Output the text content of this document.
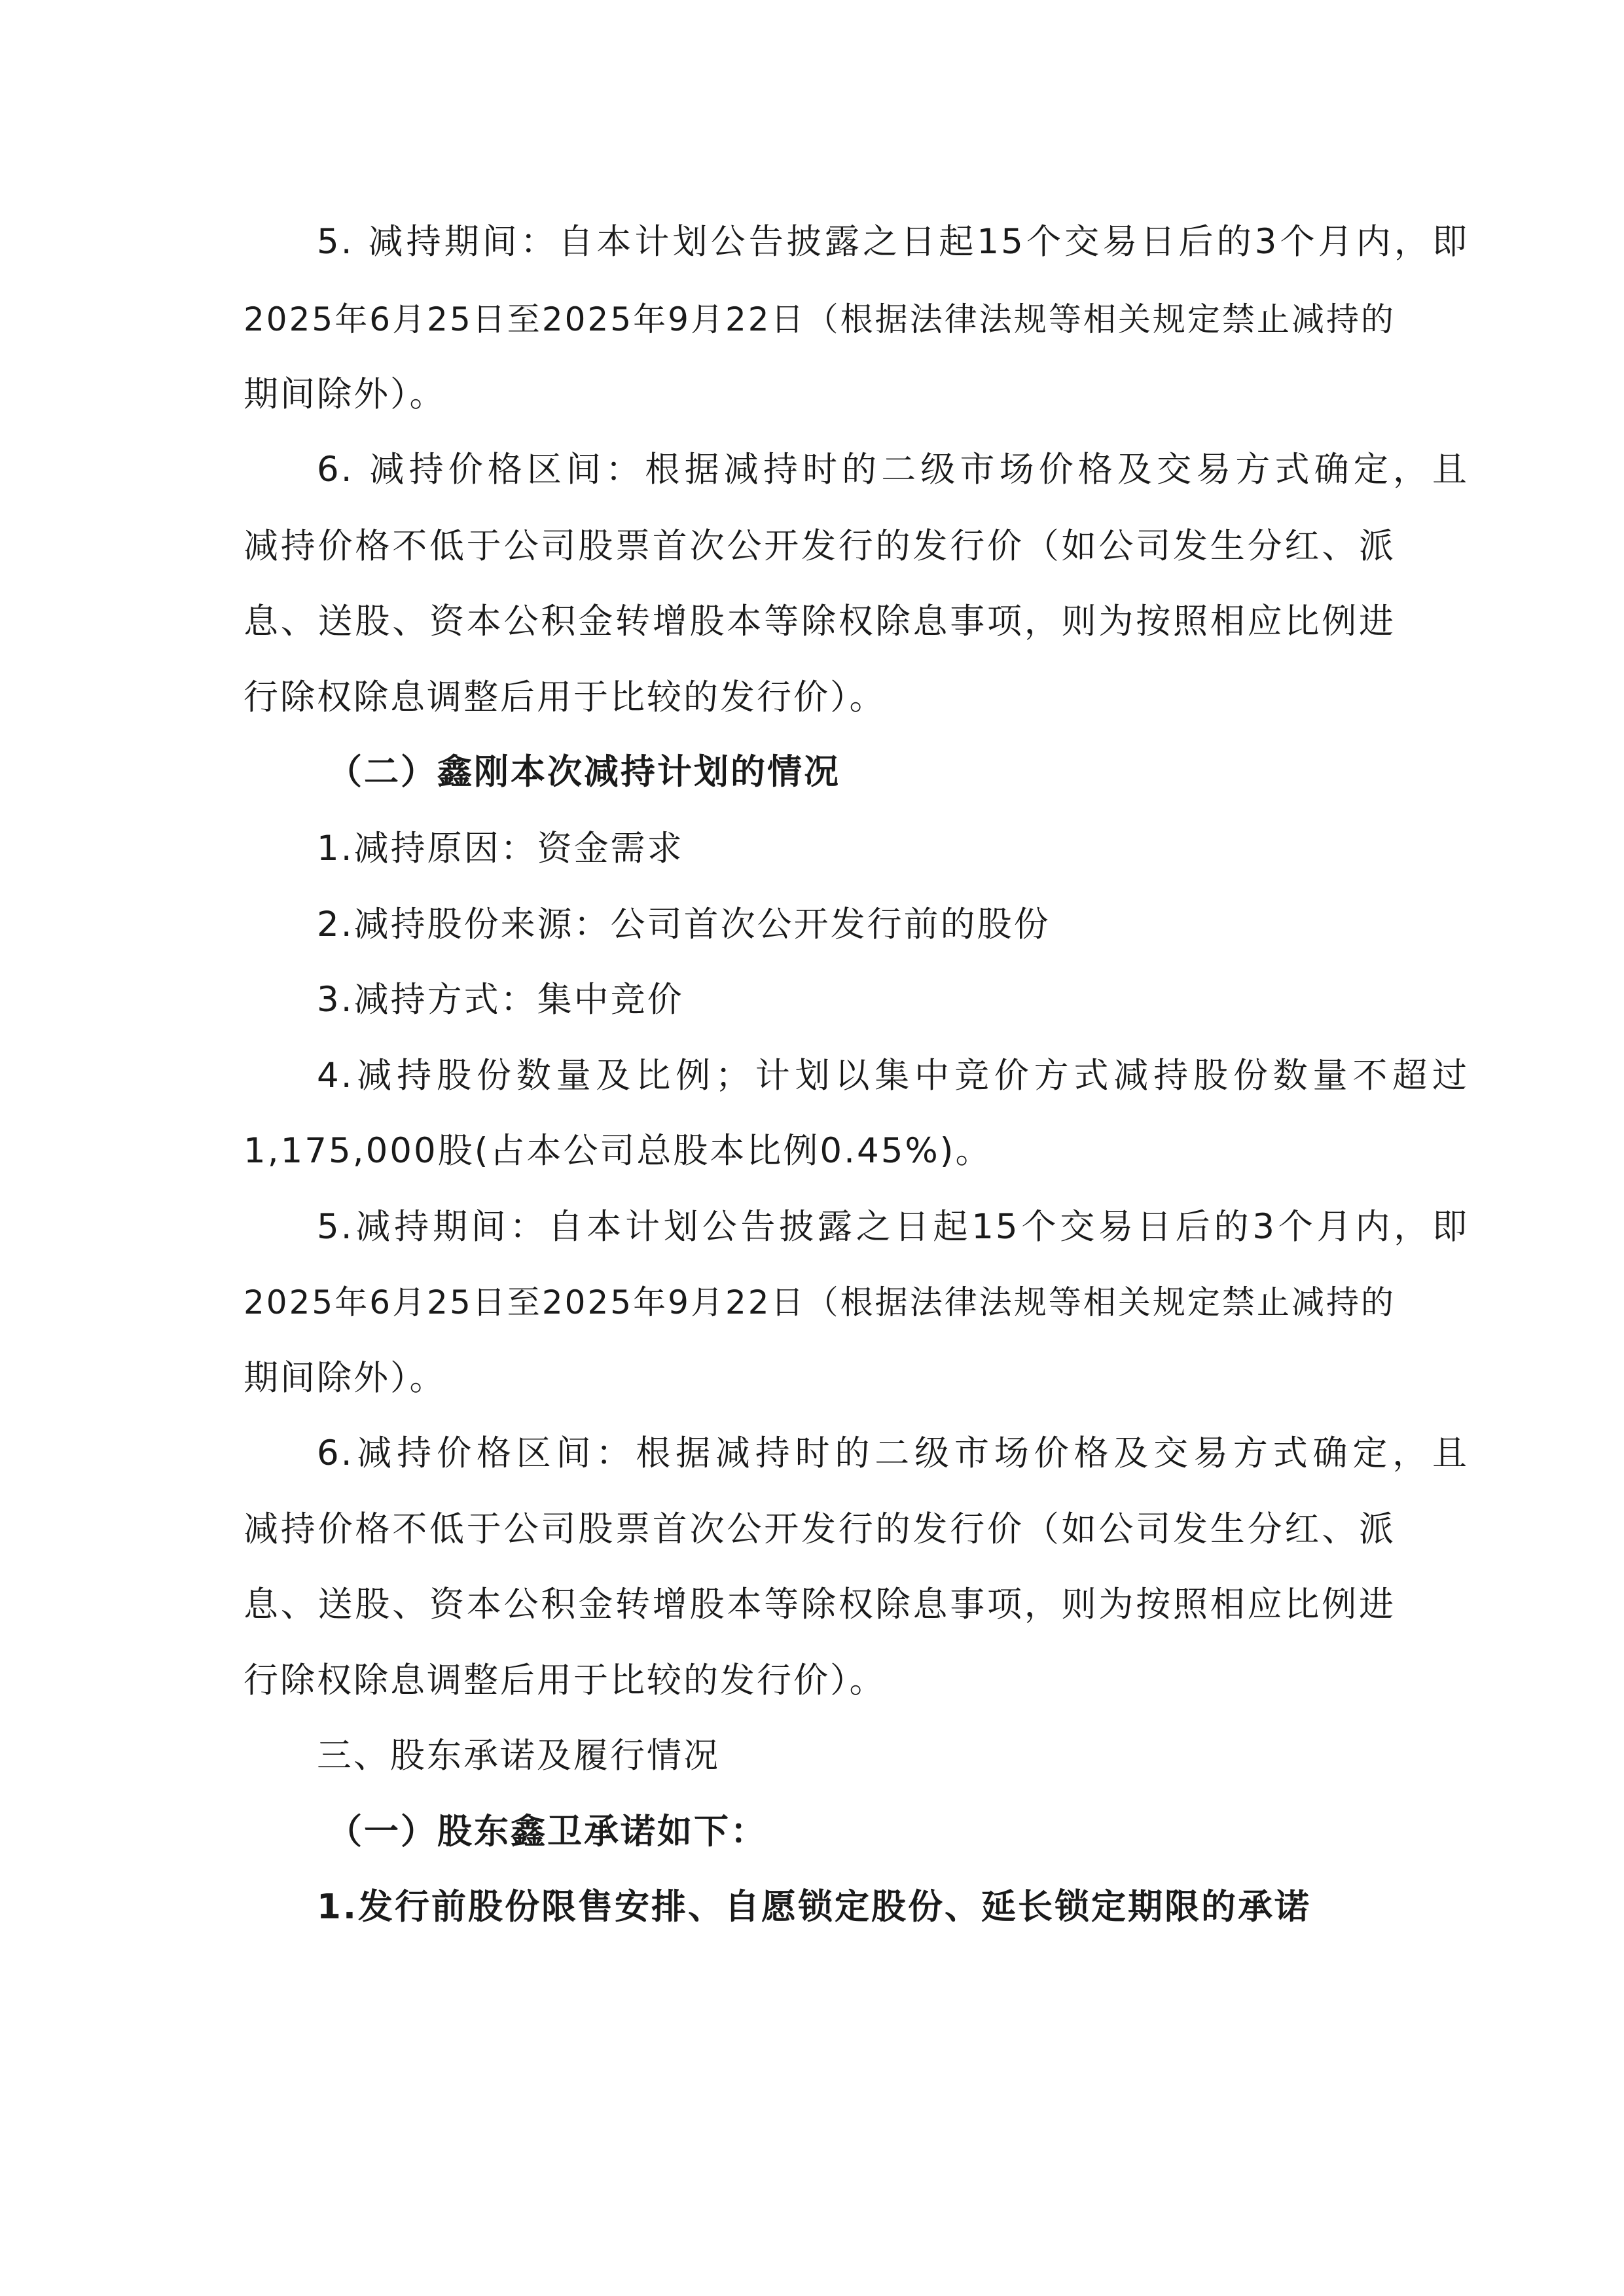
5. 减持期间：自本计划公告披露之日起15个交易日后的3个月内，即
2025年6月25日至2025年9月22日（根据法律法规等相关规定禁止减持的
期间除外）。
6. 减持价格区间：根据减持时的二级市场价格及交易方式确定，且
减持价格不低于公司股票首次公开发行的发行价（如公司发生分红、派
息、送股、资本公积金转增股本等除权除息事项，则为按照相应比例进
行除权除息调整后用于比较的发行价）。
（二）鑫刚本次减持计划的情况
1.减持原因：资金需求
2.减持股份来源：公司首次公开发行前的股份
3.减持方式：集中竞价
4.减持股份数量及比例；计划以集中竞价方式减持股份数量不超过
1,175,000股(占本公司总股本比例0.45%)。
5.减持期间：自本计划公告披露之日起15个交易日后的3个月内，即
2025年6月25日至2025年9月22日（根据法律法规等相关规定禁止减持的
期间除外）。
6.减持价格区间：根据减持时的二级市场价格及交易方式确定，且
减持价格不低于公司股票首次公开发行的发行价（如公司发生分红、派
息、送股、资本公积金转增股本等除权除息事项，则为按照相应比例进
行除权除息调整后用于比较的发行价）。
三、股东承诺及履行情况
（一）股东鑫卫承诺如下：
1.发行前股份限售安排、自愿锁定股份、延长锁定期限的承诺
